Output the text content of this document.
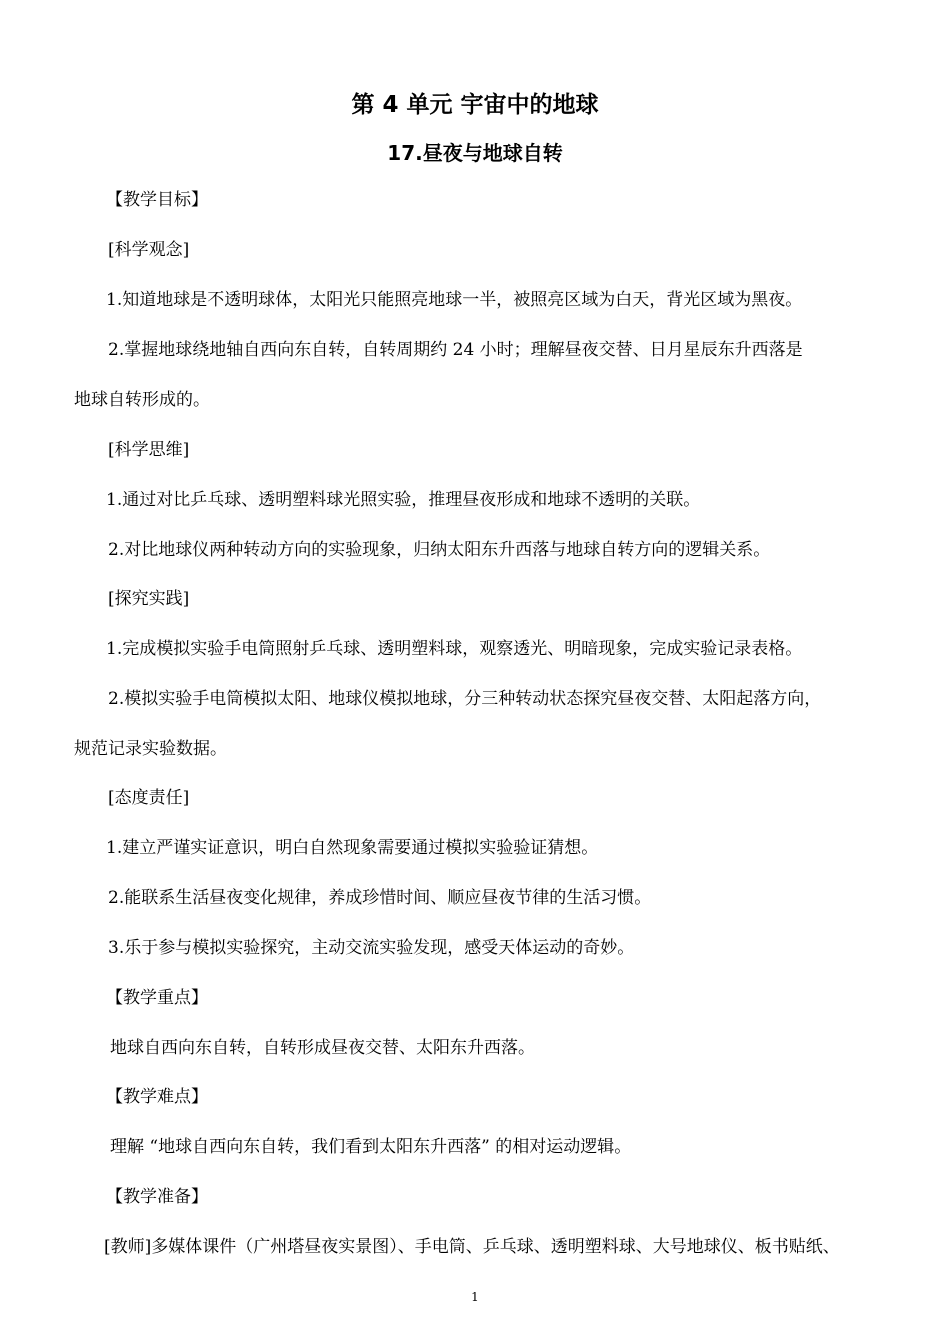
第 4 单元 宇宙中的地球
17.昼夜与地球自转
【教学目标】
[科学观念]
1.知道地球是不透明球体，太阳光只能照亮地球一半，被照亮区域为白天，背光区域为黑夜。
2.掌握地球绕地轴自西向东自转，自转周期约 24 小时；理解昼夜交替、日月星辰东升西落是
地球自转形成的。
[科学思维]
1.通过对比乒乓球、透明塑料球光照实验，推理昼夜形成和地球不透明的关联。
2.对比地球仪两种转动方向的实验现象，归纳太阳东升西落与地球自转方向的逻辑关系。
[探究实践]
1.完成模拟实验手电筒照射乒乓球、透明塑料球，观察透光、明暗现象，完成实验记录表格。
2.模拟实验手电筒模拟太阳、地球仪模拟地球，分三种转动状态探究昼夜交替、太阳起落方向，
规范记录实验数据。
[态度责任]
1.建立严谨实证意识，明白自然现象需要通过模拟实验验证猜想。
2.能联系生活昼夜变化规律，养成珍惜时间、顺应昼夜节律的生活习惯。
3.乐于参与模拟实验探究，主动交流实验发现，感受天体运动的奇妙。
【教学重点】
地球自西向东自转，自转形成昼夜交替、太阳东升西落。
【教学难点】
理解 “地球自西向东自转，我们看到太阳东升西落” 的相对运动逻辑。
【教学准备】
[教师]多媒体课件（广州塔昼夜实景图）、手电筒、乒乓球、透明塑料球、大号地球仪、板书贴纸、
1
